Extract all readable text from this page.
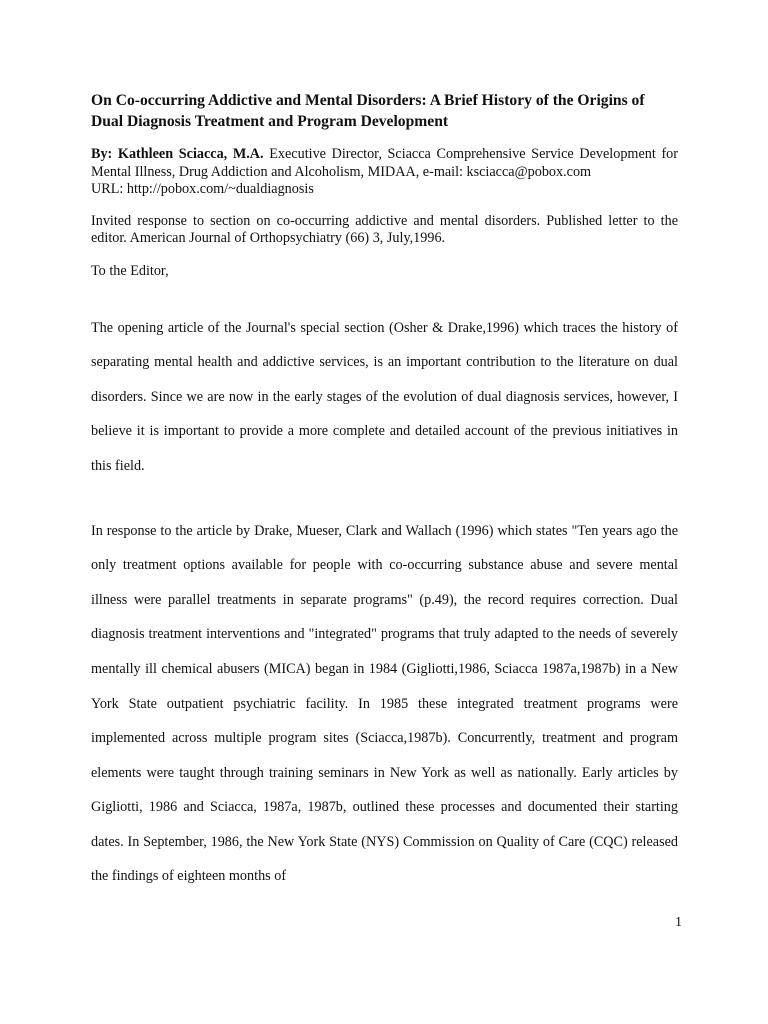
On Co-occurring Addictive and Mental Disorders: A Brief History of the Origins of Dual Diagnosis Treatment and Program Development

By: Kathleen Sciacca, M.A. Executive Director, Sciacca Comprehensive Service Development for Mental Illness, Drug Addiction and Alcoholism, MIDAA, e-mail: ksciacca@pobox.com
URL: http://pobox.com/~dualdiagnosis

Invited response to section on co-occurring addictive and mental disorders. Published letter to the editor. American Journal of Orthopsychiatry (66) 3, July,1996.

To the Editor,

The opening article of the Journal's special section (Osher & Drake,1996) which traces the history of separating mental health and addictive services, is an important contribution to the literature on dual disorders. Since we are now in the early stages of the evolution of dual diagnosis services, however, I believe it is important to provide a more complete and detailed account of the previous initiatives in this field.

In response to the article by Drake, Mueser, Clark and Wallach (1996) which states "Ten years ago the only treatment options available for people with co-occurring substance abuse and severe mental illness were parallel treatments in separate programs" (p.49), the record requires correction. Dual diagnosis treatment interventions and "integrated" programs that truly adapted to the needs of severely mentally ill chemical abusers (MICA) began in 1984 (Gigliotti,1986, Sciacca 1987a,1987b) in a New York State outpatient psychiatric facility. In 1985 these integrated treatment programs were implemented across multiple program sites (Sciacca,1987b). Concurrently, treatment and program elements were taught through training seminars in New York as well as nationally. Early articles by Gigliotti, 1986 and Sciacca, 1987a, 1987b, outlined these processes and documented their starting dates. In September, 1986, the New York State (NYS) Commission on Quality of Care (CQC) released the findings of eighteen months of

1
